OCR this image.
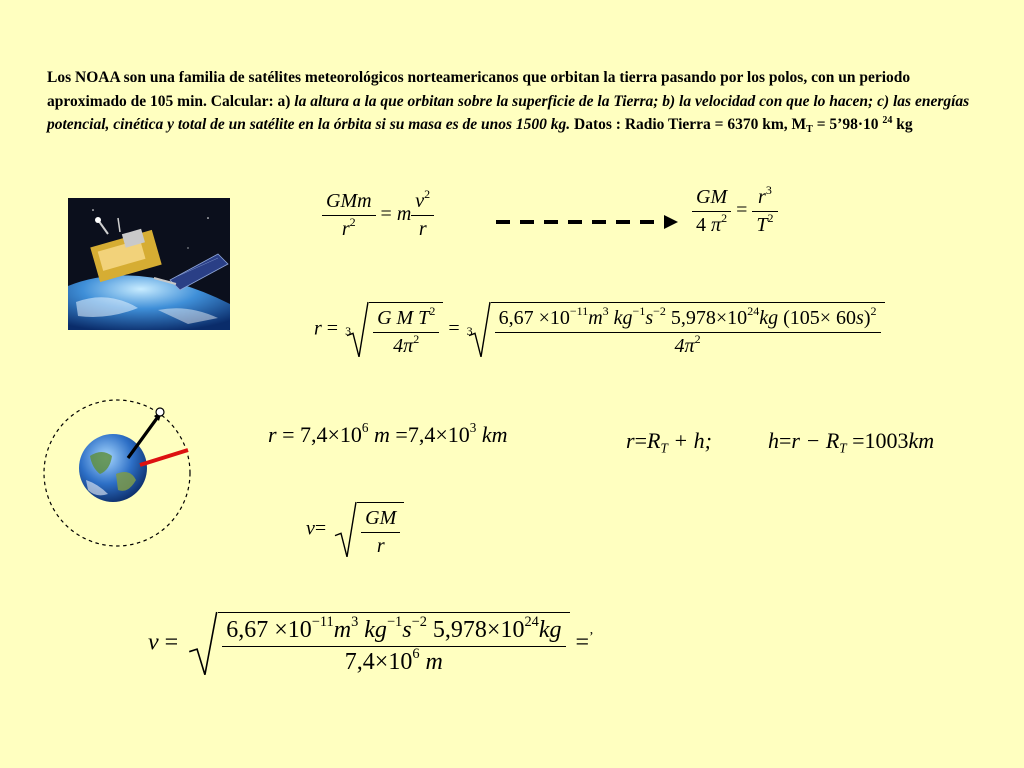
Los NOAA son una familia de satélites meteorológicos norteamericanos que orbitan la tierra pasando por los polos, con un periodo aproximado de 105 min. Calcular: a) la altura a la que orbitan sobre la superficie de la Tierra; b) la velocidad con que lo hacen; c) las energías potencial, cinética y total de un satélite en la órbita si su masa es de unos 1500 kg. Datos : Radio Tierra = 6370 km, $M_T$ = 5’98·10 $^{24}$ kg
$\frac{\text{GMm}}{r^2} = m \frac{v^2}{r}$	$\frac{GM}{4 \pi^2} = \frac{r^3}{T^2}$
$r = 3 \frac{G M T^2}{4\pi^2} = 3 \frac{6,67 \times 10^{-11}m^3 kg^{-1}s^{-2} 5,978\times 10^{24}kg (105\times 60s)^2}{4\pi^2}$
$r = 7,4\times 10^6$ $m =7,4\times 10^3$ km	$r=R_T + h$;	$h=r - R_T =1003km$
$v= \frac{GM}{r}$
$v = \frac{6,67 \times 10^{-11}m^3 kg^{-1}s^{-2} 5,978\times 10^{24}kg}{7,4\times 10^6 m} =^’$
